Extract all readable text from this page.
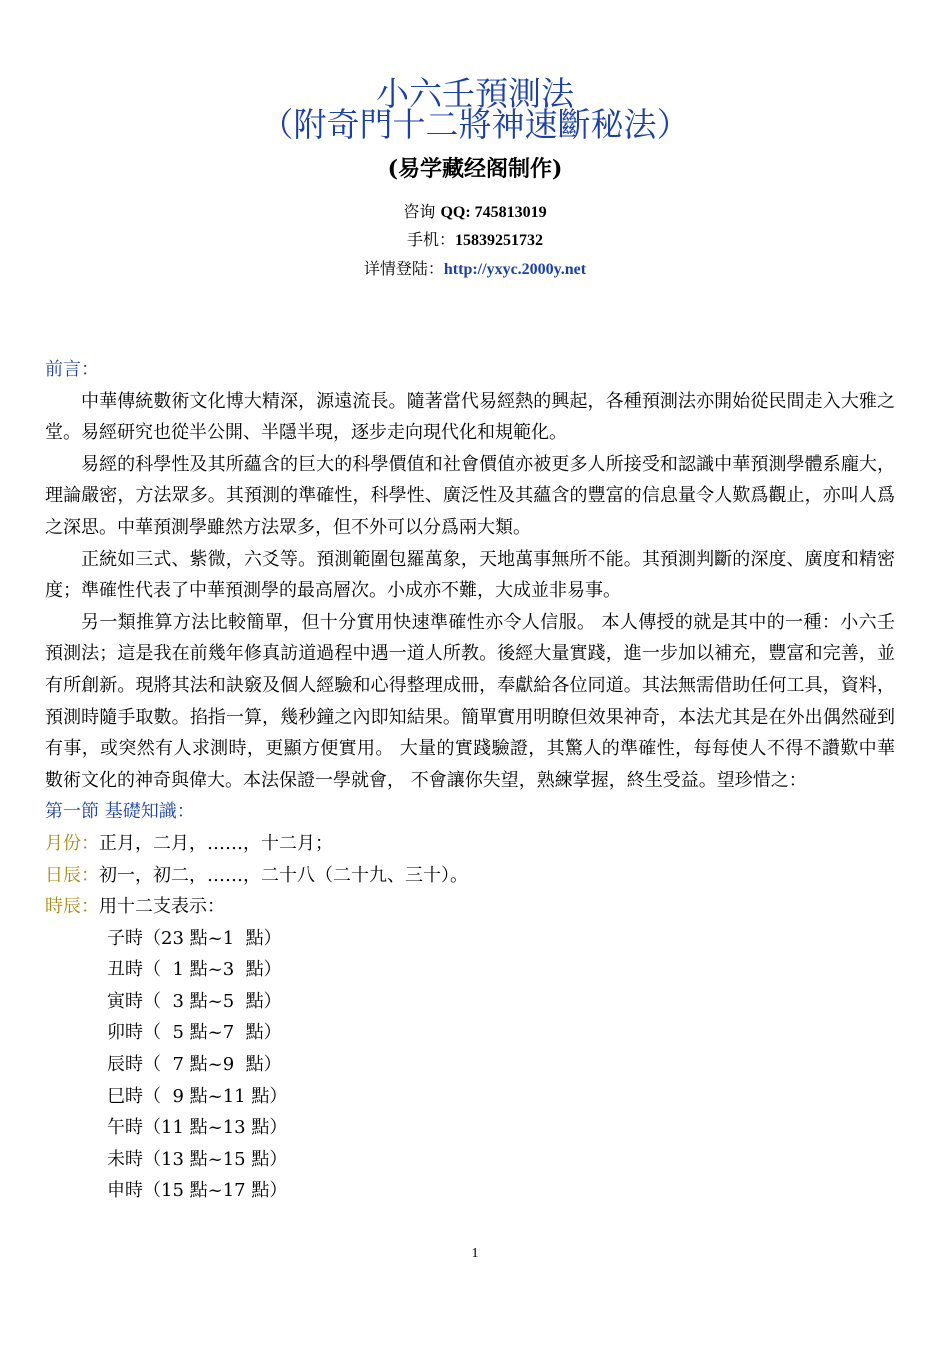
小六壬預測法
（附奇門十二將神速斷秘法）
(易学藏经阁制作)
咨询 QQ: 745813019
手机：15839251732
详情登陆：http://yxyc.2000y.net

前言：

中華傳統數術文化博大精深，源遠流長。隨著當代易經熱的興起，各種預測法亦開始從民間走入大雅之堂。易經研究也從半公開、半隱半現，逐步走向現代化和規範化。

易經的科學性及其所蘊含的巨大的科學價值和社會價值亦被更多人所接受和認識中華預測學體系龐大，理論嚴密，方法眾多。其預測的準確性，科學性、廣泛性及其蘊含的豐富的信息量令人歎爲觀止，亦叫人爲之深思。中華預測學雖然方法眾多，但不外可以分爲兩大類。

正統如三式、紫微，六爻等。預測範圍包羅萬象，天地萬事無所不能。其預測判斷的深度、廣度和精密度；準確性代表了中華預測學的最高層次。小成亦不難，大成並非易事。

另一類推算方法比較簡單，但十分實用快速準確性亦令人信服。 本人傳授的就是其中的一種：小六壬預測法；這是我在前幾年修真訪道過程中遇一道人所教。後經大量實踐，進一步加以補充，豐富和完善，並有所創新。現將其法和訣竅及個人經驗和心得整理成冊，奉獻給各位同道。其法無需借助任何工具，資料，預測時隨手取數。掐指一算，幾秒鐘之內即知結果。簡單實用明瞭但效果神奇，本法尤其是在外出偶然碰到有事，或突然有人求測時，更顯方便實用。 大量的實踐驗證，其驚人的準確性，每每使人不得不讚歎中華數術文化的神奇與偉大。本法保證一學就會， 不會讓你失望，熟練掌握，終生受益。望珍惜之：

第一節 基礎知識：

月份：正月，二月，……，十二月；

日辰：初一，初二，……，二十八（二十九、三十）。

時辰：用十二支表示：

子時（23 點~1  點）
丑時（  1 點~3  點）
寅時（  3 點~5  點）
卯時（  5 點~7  點）
辰時（  7 點~9  點）
巳時（  9 點~11 點）
午時（11 點~13 點）
未時（13 點~15 點）
申時（15 點~17 點）
1
